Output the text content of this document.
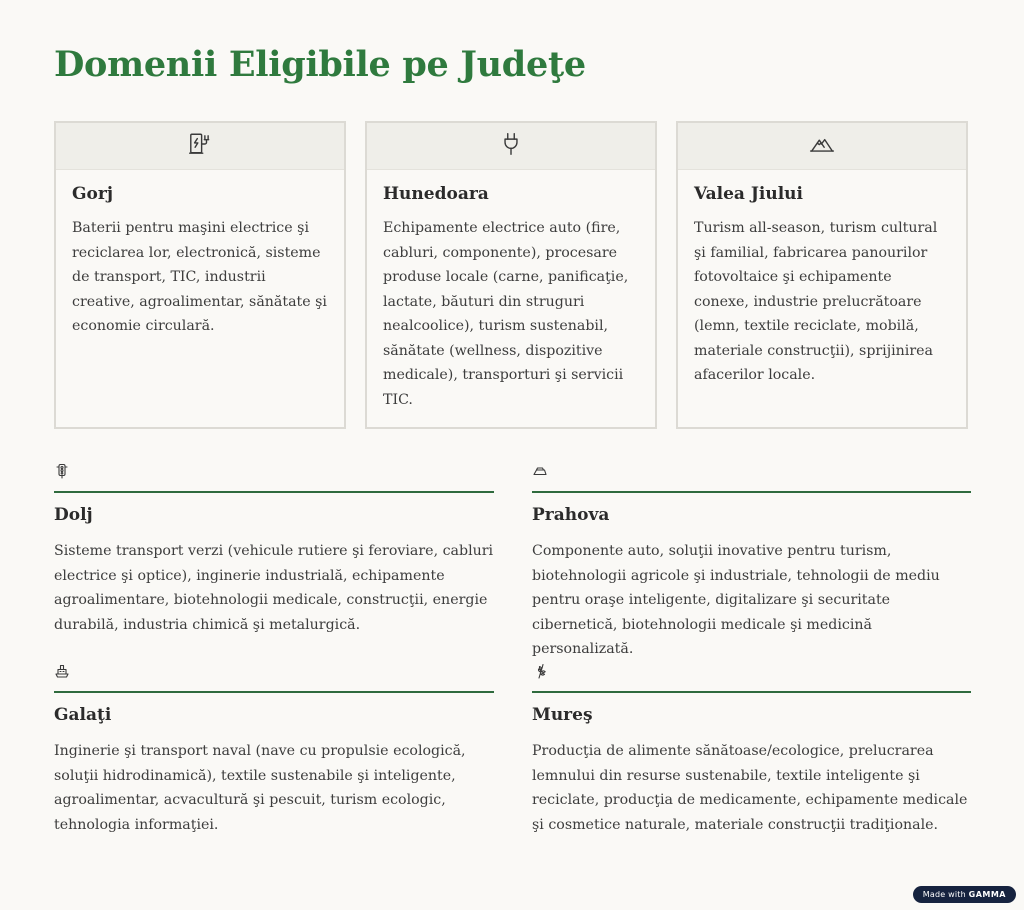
Domenii Eligibile pe Judeţe
Gorj

Baterii pentru maşini electrice şi reciclarea lor, electronică, sisteme de transport, TIC, industrii creative, agroalimentar, sănătate şi economie circulară.

Hunedoara

Echipamente electrice auto (fire, cabluri, componente), procesare produse locale (carne, panificaţie, lactate, băuturi din struguri nealcoolice), turism sustenabil, sănătate (wellness, dispozitive medicale), transporturi şi servicii TIC.

Valea Jiului

Turism all-season, turism cultural şi familial, fabricarea panourilor fotovoltaice şi echipamente conexe, industrie prelucrătoare (lemn, textile reciclate, mobilă, materiale construcţii), sprijinirea afacerilor locale.

Dolj

Sisteme transport verzi (vehicule rutiere şi feroviare, cabluri electrice şi optice), inginerie industrială, echipamente agroalimentare, biotehnologii medicale, construcţii, energie durabilă, industria chimică şi metalurgică.

Prahova

Componente auto, soluţii inovative pentru turism, biotehnologii agricole şi industriale, tehnologii de mediu pentru oraşe inteligente, digitalizare şi securitate cibernetică, biotehnologii medicale şi medicină personalizată.

Galaţi

Inginerie şi transport naval (nave cu propulsie ecologică, soluţii hidrodinamică), textile sustenabile şi inteligente, agroalimentar, acvacultură şi pescuit, turism ecologic, tehnologia informaţiei.

Mureş

Producţia de alimente sănătoase/ecologice, prelucrarea lemnului din resurse sustenabile, textile inteligente şi reciclate, producţia de medicamente, echipamente medicale şi cosmetice naturale, materiale construcţii tradiţionale.

Made with GAMMA
